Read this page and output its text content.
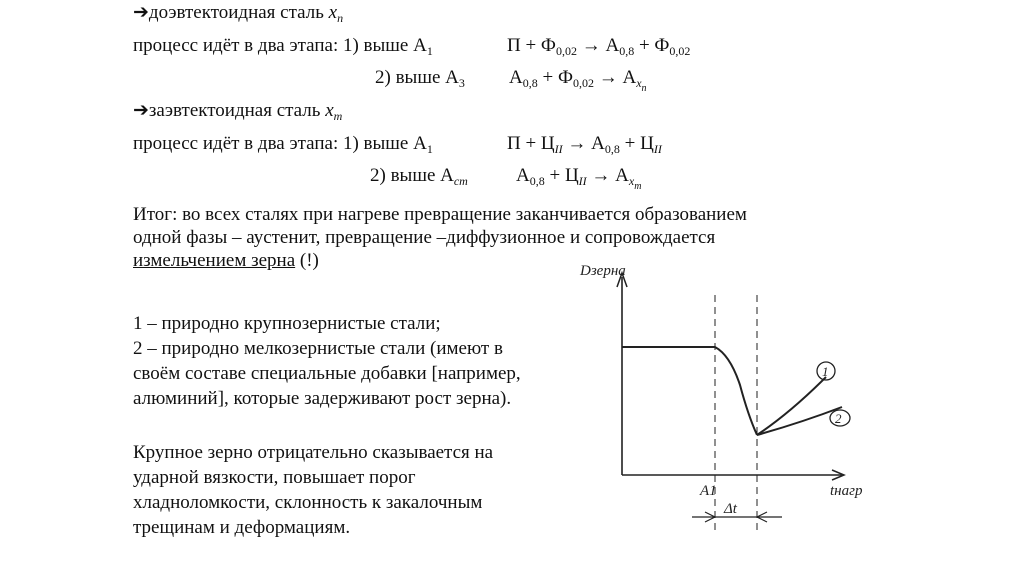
➔доэвтектоидная сталь $x_n$
процесс идёт в два этапа: 1) выше $А_1$	$П + Ф_{0,02} \to А_{0,8} + Ф_{0,02}$
2) выше $А_3$ $А_{0,8} + Ф_{0,02} \to А_{x_n}$
➔заэвтектоидная сталь $x_m$
процесс идёт в два этапа: 1) выше $А_1$	$П + Ц_{II} \to А_{0,8} + Ц_{II}$
2) выше $А_{cm}$	$А_{0,8} + Ц_{II} \to А_{x_m}$
Итог: во всех сталях при нагреве превращение заканчивается образованием
одной фазы – аустенит, превращение –диффузионное и сопровождается
измельчением зерна (!)
1 – природно крупнозернистые стали;
2 – природно мелкозернистые стали (имеют в
своём составе специальные добавки [например,
алюминий], которые задерживают рост зерна).
Крупное зерно отрицательно сказывается на
ударной вязкости, повышает порог
хладноломкости, склонность к закалочным
трещинам и деформациям.
Dзерна
tнагр
1
2
A1
Δt
